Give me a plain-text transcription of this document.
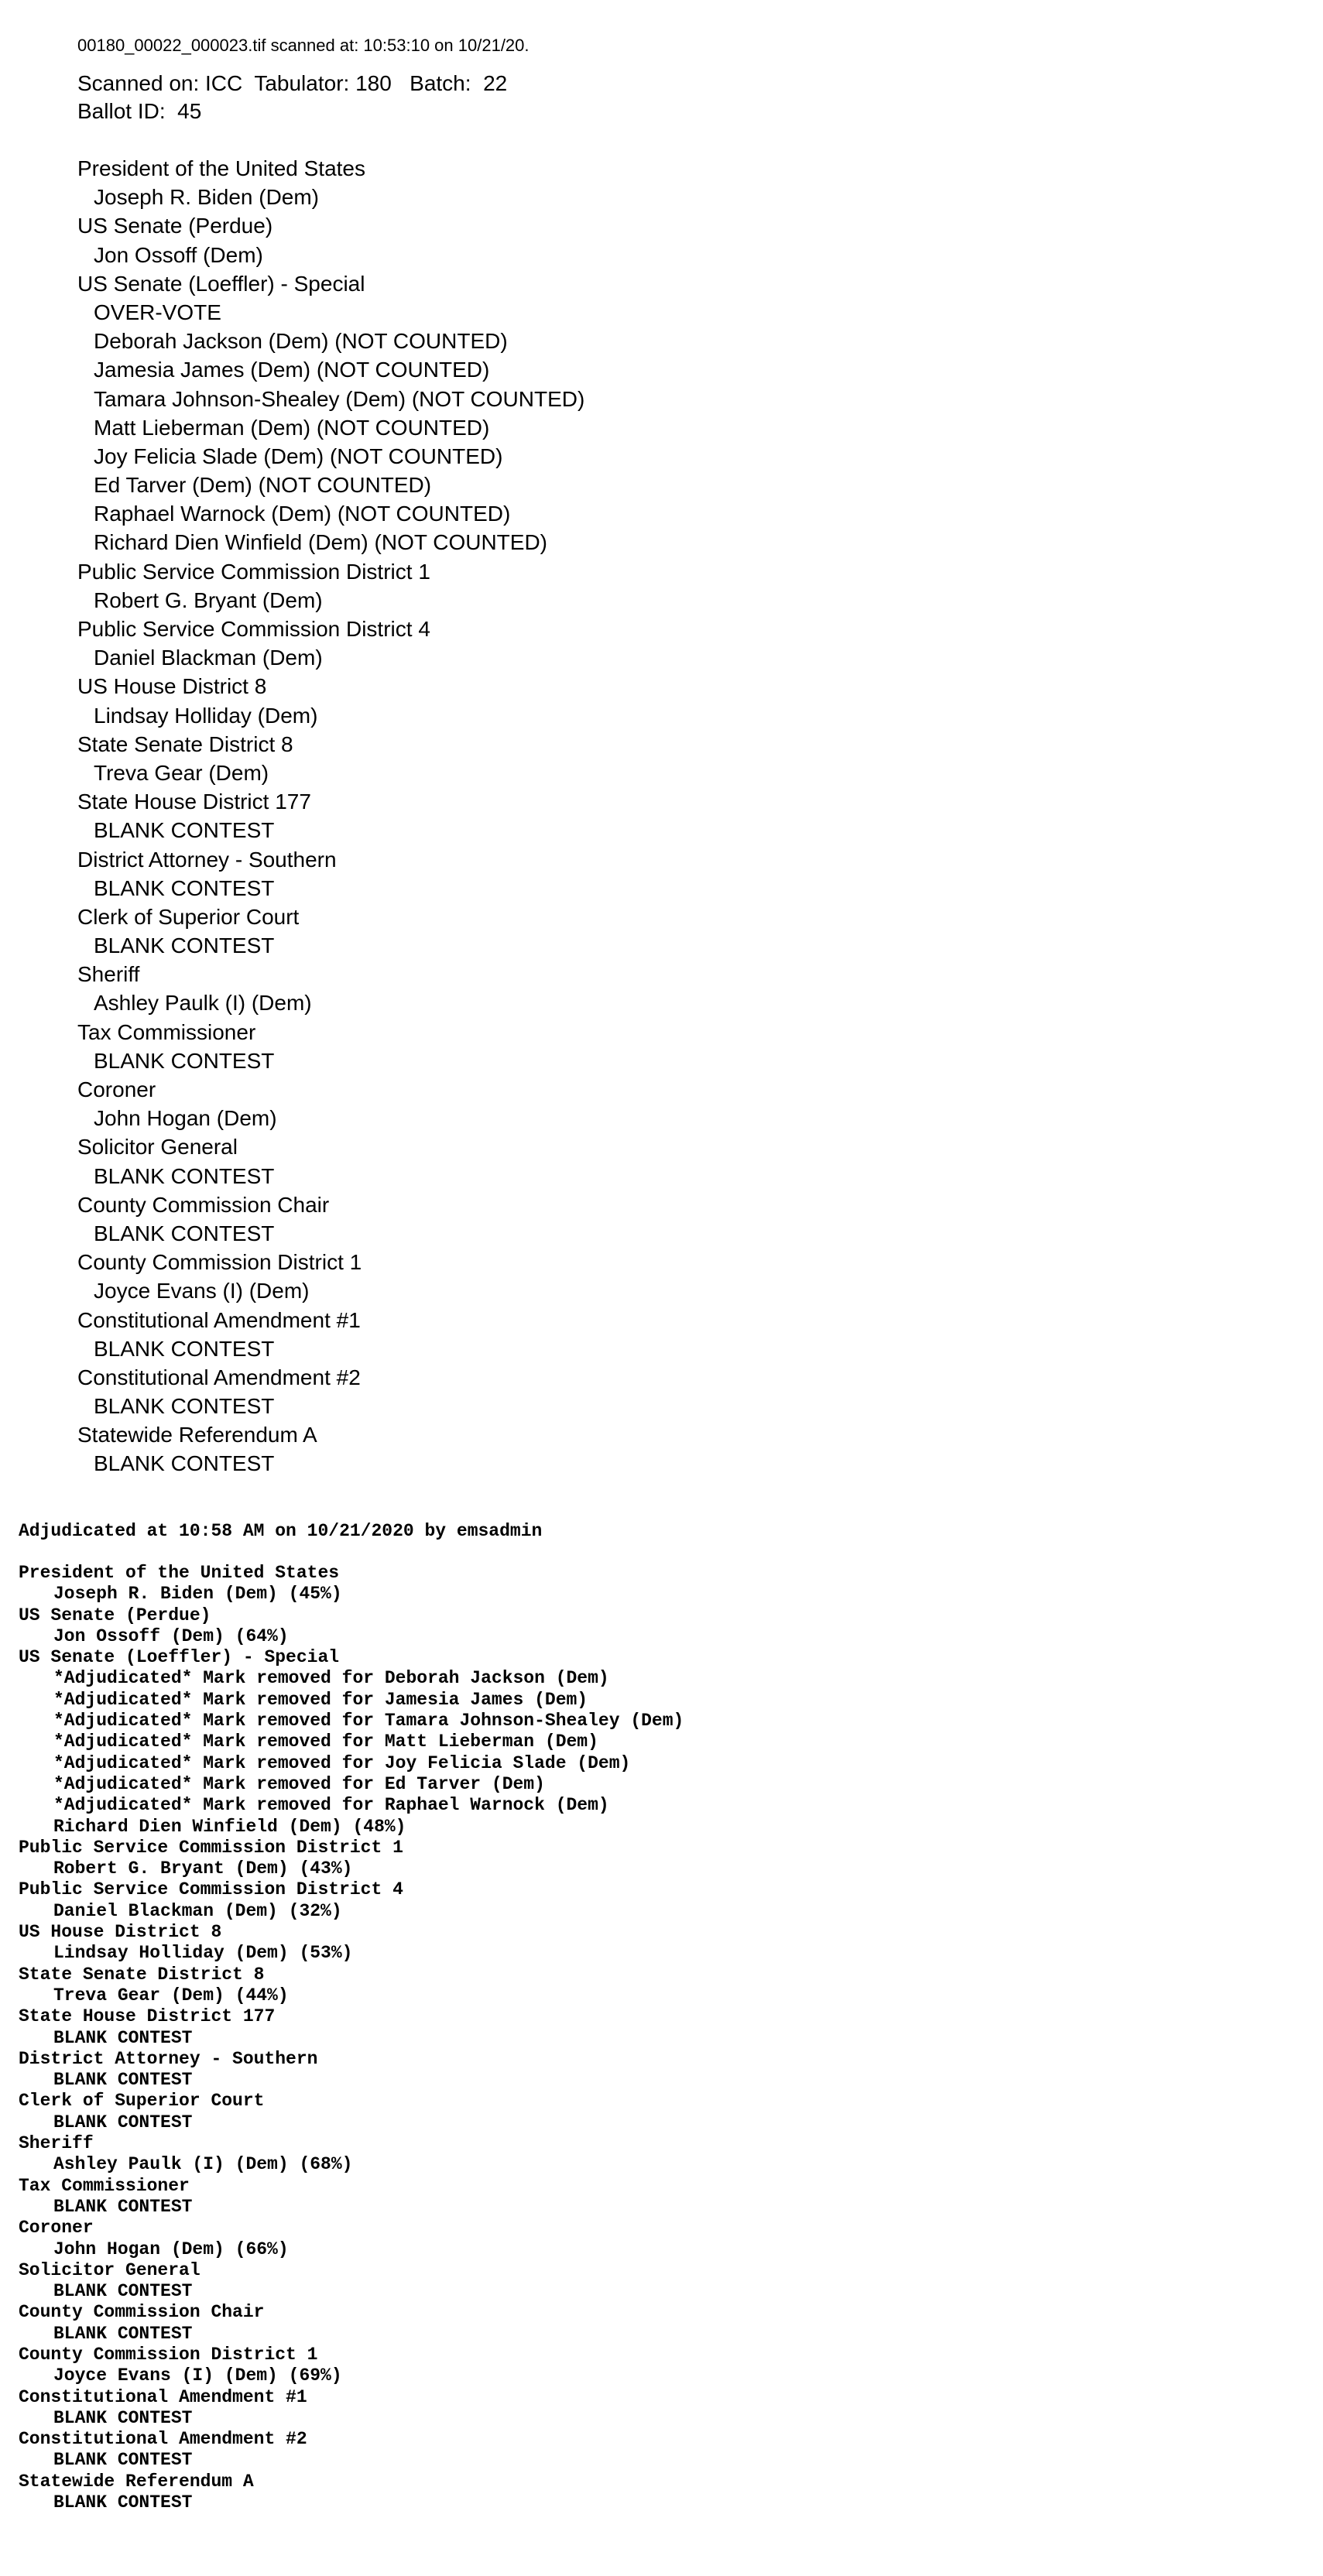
00180_00022_000023.tif scanned at: 10:53:10 on 10/21/20.
Scanned on: ICC Tabulator: 180 Batch: 22
Ballot ID: 45
President of the United States
Joseph R. Biden (Dem)
US Senate (Perdue)
Jon Ossoff (Dem)
US Senate (Loeffler) - Special
OVER-VOTE
Deborah Jackson (Dem) (NOT COUNTED)
Jamesia James (Dem) (NOT COUNTED)
Tamara Johnson-Shealey (Dem) (NOT COUNTED)
Matt Lieberman (Dem) (NOT COUNTED)
Joy Felicia Slade (Dem) (NOT COUNTED)
Ed Tarver (Dem) (NOT COUNTED)
Raphael Warnock (Dem) (NOT COUNTED)
Richard Dien Winfield (Dem) (NOT COUNTED)
Public Service Commission District 1
Robert G. Bryant (Dem)
Public Service Commission District 4
Daniel Blackman (Dem)
US House District 8
Lindsay Holliday (Dem)
State Senate District 8
Treva Gear (Dem)
State House District 177
BLANK CONTEST
District Attorney - Southern
BLANK CONTEST
Clerk of Superior Court
BLANK CONTEST
Sheriff
Ashley Paulk (I) (Dem)
Tax Commissioner
BLANK CONTEST
Coroner
John Hogan (Dem)
Solicitor General
BLANK CONTEST
County Commission Chair
BLANK CONTEST
County Commission District 1
Joyce Evans (I) (Dem)
Constitutional Amendment #1
BLANK CONTEST
Constitutional Amendment #2
BLANK CONTEST
Statewide Referendum A
BLANK CONTEST
Adjudicated at 10:58 AM on 10/21/2020 by emsadmin
President of the United States
Joseph R. Biden (Dem) (45%)
US Senate (Perdue)
Jon Ossoff (Dem) (64%)
US Senate (Loeffler) - Special
*Adjudicated* Mark removed for Deborah Jackson (Dem)
*Adjudicated* Mark removed for Jamesia James (Dem)
*Adjudicated* Mark removed for Tamara Johnson-Shealey (Dem)
*Adjudicated* Mark removed for Matt Lieberman (Dem)
*Adjudicated* Mark removed for Joy Felicia Slade (Dem)
*Adjudicated* Mark removed for Ed Tarver (Dem)
*Adjudicated* Mark removed for Raphael Warnock (Dem)
Richard Dien Winfield (Dem) (48%)
Public Service Commission District 1
Robert G. Bryant (Dem) (43%)
Public Service Commission District 4
Daniel Blackman (Dem) (32%)
US House District 8
Lindsay Holliday (Dem) (53%)
State Senate District 8
Treva Gear (Dem) (44%)
State House District 177
BLANK CONTEST
District Attorney - Southern
BLANK CONTEST
Clerk of Superior Court
BLANK CONTEST
Sheriff
Ashley Paulk (I) (Dem) (68%)
Tax Commissioner
BLANK CONTEST
Coroner
John Hogan (Dem) (66%)
Solicitor General
BLANK CONTEST
County Commission Chair
BLANK CONTEST
County Commission District 1
Joyce Evans (I) (Dem) (69%)
Constitutional Amendment #1
BLANK CONTEST
Constitutional Amendment #2
BLANK CONTEST
Statewide Referendum A
BLANK CONTEST
